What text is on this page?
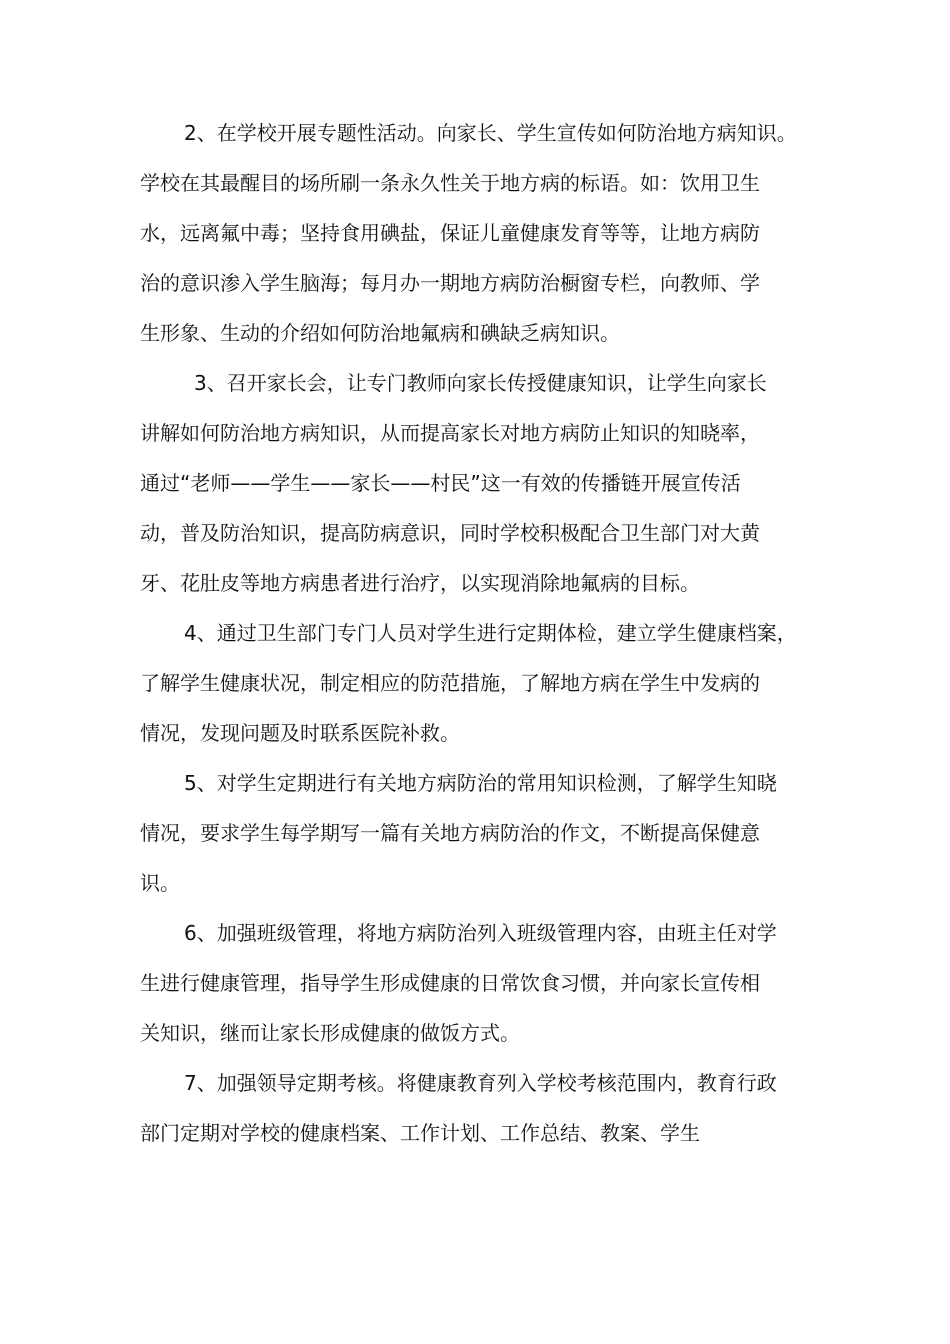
2、在学校开展专题性活动。向家长、学生宣传如何防治地方病知识。
学校在其最醒目的场所刷一条永久性关于地方病的标语。如：饮用卫生
水，远离氟中毒；坚持食用碘盐，保证儿童健康发育等等，让地方病防
治的意识渗入学生脑海；每月办一期地方病防治橱窗专栏，向教师、学
生形象、生动的介绍如何防治地氟病和碘缺乏病知识。
3、召开家长会，让专门教师向家长传授健康知识，让学生向家长
讲解如何防治地方病知识，从而提高家长对地方病防止知识的知晓率，
通过“老师——学生——家长——村民”这一有效的传播链开展宣传活
动，普及防治知识，提高防病意识，同时学校积极配合卫生部门对大黄
牙、花肚皮等地方病患者进行治疗，以实现消除地氟病的目标。
4、通过卫生部门专门人员对学生进行定期体检，建立学生健康档案，
了解学生健康状况，制定相应的防范措施，了解地方病在学生中发病的
情况，发现问题及时联系医院补救。
5、对学生定期进行有关地方病防治的常用知识检测，了解学生知晓
情况，要求学生每学期写一篇有关地方病防治的作文，不断提高保健意
识。
6、加强班级管理，将地方病防治列入班级管理内容，由班主任对学
生进行健康管理，指导学生形成健康的日常饮食习惯，并向家长宣传相
关知识，继而让家长形成健康的做饭方式。
7、加强领导定期考核。将健康教育列入学校考核范围内，教育行政
部门定期对学校的健康档案、工作计划、工作总结、教案、学生
